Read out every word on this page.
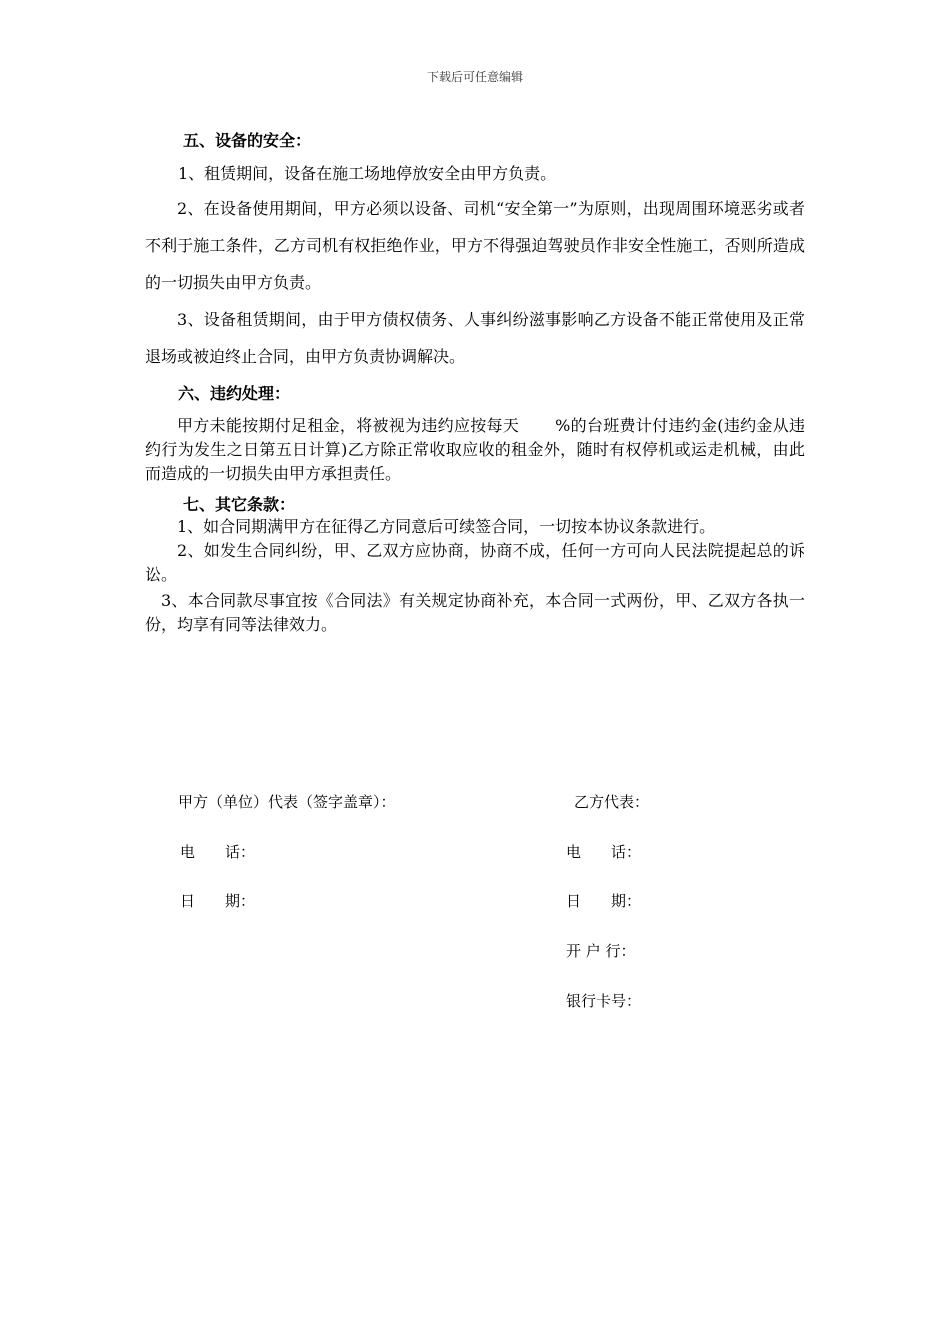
下载后可任意编辑
五、设备的安全：
1、租赁期间，设备在施工场地停放安全由甲方负责。
2、在设备使用期间，甲方必须以设备、司机“安全第一”为原则，出现周围环境恶劣或者不利于施工条件，乙方司机有权拒绝作业，甲方不得强迫驾驶员作非安全性施工，否则所造成的一切损失由甲方负责。
3、设备租赁期间，由于甲方债权债务、人事纠纷滋事影响乙方设备不能正常使用及正常退场或被迫终止合同，由甲方负责协调解决。
六、违约处理：
甲方未能按期付足租金，将被视为违约应按每天 %的台班费计付违约金(违约金从违约行为发生之日第五日计算)乙方除正常收取应收的租金外，随时有权停机或运走机械，由此而造成的一切损失由甲方承担责任。
七、其它条款：
1、如合同期满甲方在征得乙方同意后可续签合同，一切按本协议条款进行。
2、如发生合同纠纷，甲、乙双方应协商，协商不成，任何一方可向人民法院提起总的诉讼。
3、本合同款尽事宜按《合同法》有关规定协商补充，本合同一式两份，甲、乙双方各执一份，均享有同等法律效力。
甲方（单位）代表（签字盖章）：
电　　话：
日　　期：
乙方代表：
电　　话：
日　　期：
开 户 行：
银行卡号：
